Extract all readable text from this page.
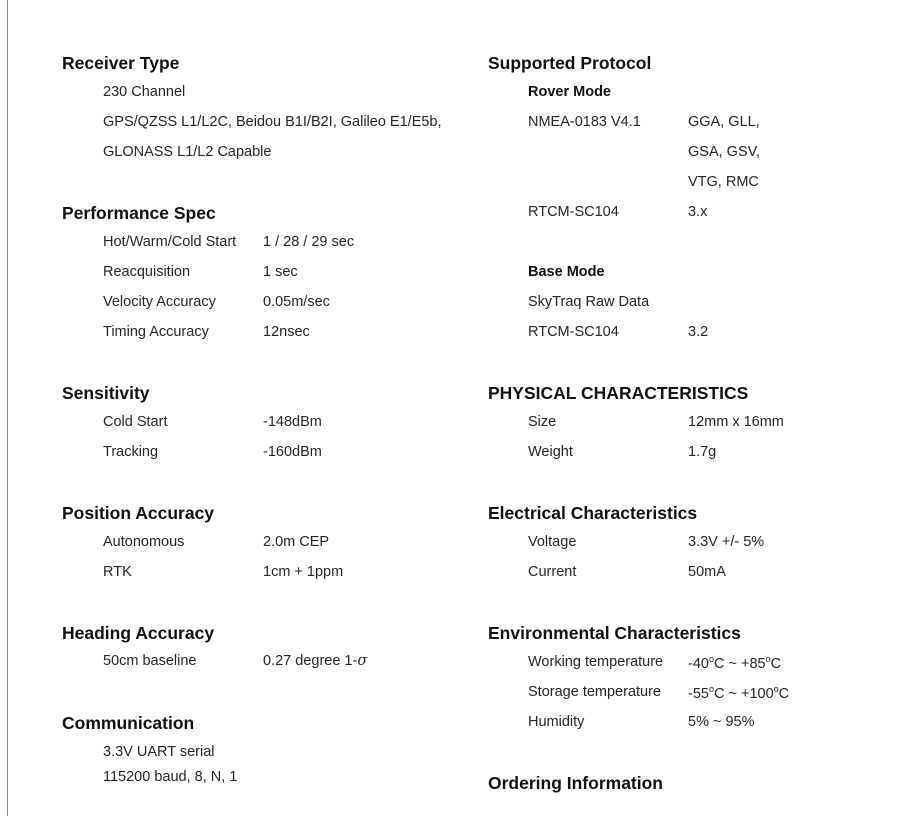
Receiver Type
230 Channel
GPS/QZSS L1/L2C, Beidou B1I/B2I, Galileo E1/E5b,
GLONASS L1/L2 Capable
Performance Spec
Hot/Warm/Cold Start 1 / 28 / 29 sec
Reacquisition	1 sec
Velocity Accuracy	0.05m/sec
Timing Accuracy	12nsec
Sensitivity
Cold Start	-148dBm
Tracking	-160dBm
Position Accuracy
Autonomous	2.0m CEP
RTK	1cm + 1ppm
Heading Accuracy
50cm baseline	0.27 degree 1-σ
Communication
3.3V UART serial
115200 baud, 8, N, 1
Supported Protocol
Rover Mode
NMEA-0183 V4.1	GGA, GLL,
GSA, GSV,
VTG, RMC
RTCM-SC104	3.x
Base Mode
SkyTraq Raw Data
RTCM-SC104	3.2
PHYSICAL CHARACTERISTICS
Size	12mm x 16mm
Weight	1.7g
Electrical Characteristics
Voltage	3.3V +/- 5%
Current	50mA
Environmental Characteristics
Working temperature -40$^o$C ~ $+85^oC$
Storage temperature -55$^o$C ~ $+100^oC$
Humidity	5% ~ 95%
Ordering Information
